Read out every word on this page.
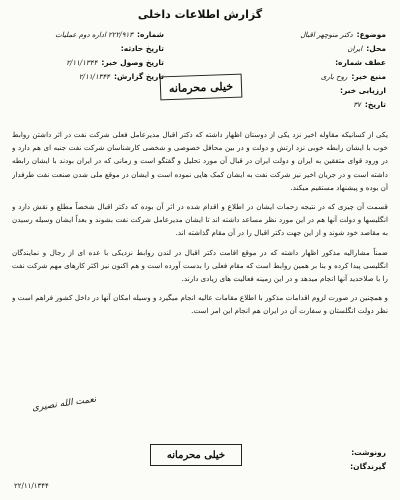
گزارش اطلاعات داخلی
موضوع:
دکتر منوچهر اقبال
محل:
ایران
عطف شماره:
منبع خبر:
روح باری
ارزیابی خبر:
تاریخ:
۳۷
شماره:
۲۲۲/۹۱۳ اداره دوم عملیات
تاریخ حادثه:
تاریخ وصول خبر:
۲/۱۱/۱۳۴۴
تاریخ گزارش:
۲/۱۱/۱۳۴۴
خیلی محرمانه

یکی از کسانیکه مقاوله اخیر نزد یکی از دوستان اظهار داشته که دکتر اقبال مدیرعامل فعلی شرکت نفت در اثر داشتن روابط خوب با ایشان رابطه خوبی نزد ارتش و دولت و در بین محافل خصوصی و شخصی کارشناسان شرکت نفت جنبه ای هم دارد و در ورود قوای متفقین به ایران و دولت ایران در قبال آن مورد تحلیل و گفتگو است و زمانی که در ایران بودند با ایشان رابطه داشته است و در جریان اخیر نیز شرکت نفت به ایشان کمک هایی نموده است و ایشان در موقع ملی شدن صنعت نفت طرفدار آن بوده و پیشنهاد مستقیم میکند.

قسمت آن چیزی که در نتیجه زحمات ایشان در اطلاع و اقدام شده در اثر آن بوده که دکتر اقبال شخصاً مطلع و نقش دارد و انگلیسها و دولت آنها هم در این مورد نظر مساعد داشته اند تا ایشان مدیرعامل شرکت نفت بشوند و بعداً ایشان وسیله رسیدن به مقاصد خود شوند و از این جهت دکتر اقبال را در آن مقام گذاشته اند.

ضمناً مشارالیه مذکور اظهار داشته که در موقع اقامت دکتر اقبال در لندن روابط نزدیکی با عده ای از رجال و نمایندگان انگلیسی پیدا کرده و بنا بر همین روابط است که مقام فعلی را بدست آورده است و هم اکنون نیز اکثر کارهای مهم شرکت نفت را با صلاحدید آنها انجام میدهد و در این زمینه فعالیت های زیادی دارند.

و همچنین در صورت لزوم اقدامات مذکور با اطلاع مقامات عالیه انجام میگیرد و وسیله امکان آنها در داخل کشور فراهم است و نظر دولت انگلستان و سفارت آن در ایران هم انجام این امر است.

نعمت الله نصیری
خیلی محرمانه	رونوشت:
گیرندگان:
۲۲/۱۱/۱۳۴۴
